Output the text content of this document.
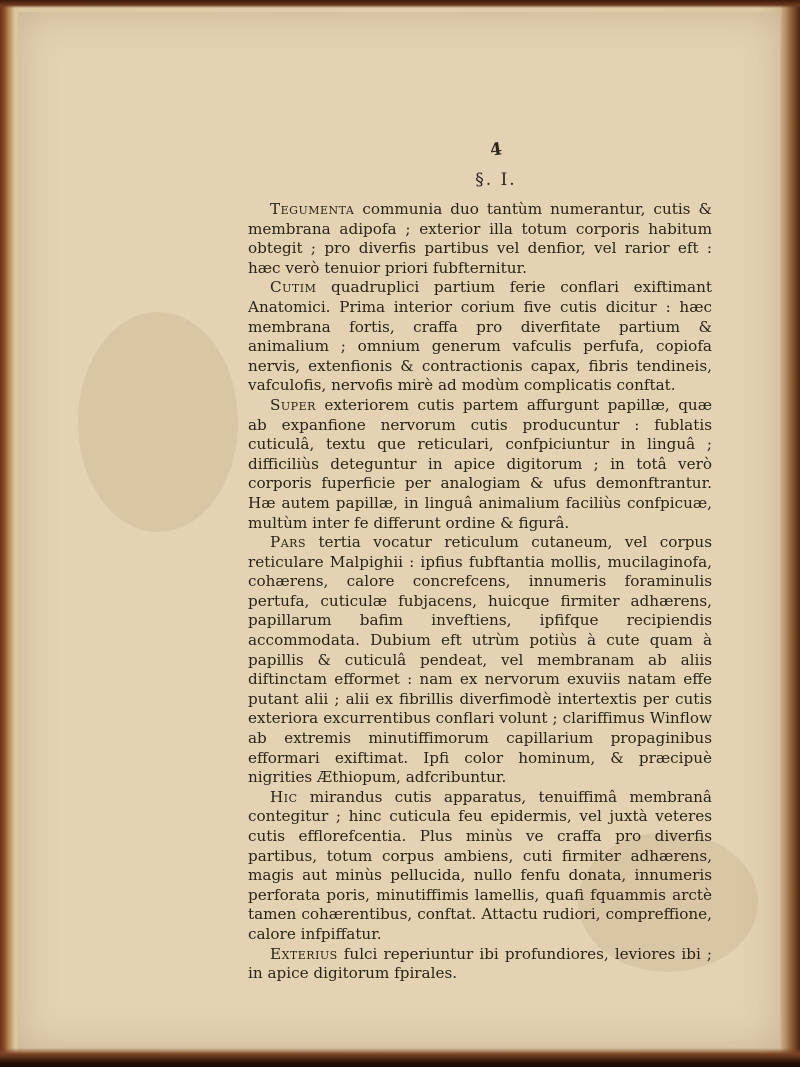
4
§. I.

Tegumenta communia duo tantùm numerantur, cutis & membrana adipofa ; exterior illa totum corporis habitum obtegit ; pro diverfis partibus vel denfior, vel rarior eft : hæc verò tenuior priori fubfternitur.

Cutim quadruplici partium ferie conflari exiftimant Anatomici. Prima interior corium five cutis dicitur : hæc membrana fortis, craffa pro diverfitate partium & animalium ; omnium generum vafculis perfufa, copiofa nervis, extenfionis & contractionis capax, fibris tendineis, vafculofis, nervofis mirè ad modùm complicatis conftat.

Super exteriorem cutis partem affurgunt papillæ, quæ ab expanfione nervorum cutis producuntur : fublatis cuticulâ, textu que reticulari, confpiciuntur in linguâ ; difficiliùs deteguntur in apice digitorum ; in totâ verò corporis fuperficie per analogiam & ufus demonftrantur. Hæ autem papillæ, in linguâ animalium faciliùs confpicuæ, multùm inter fe differunt ordine & figurâ.

Pars tertia vocatur reticulum cutaneum, vel corpus reticulare Malpighii : ipfius fubftantia mollis, mucilaginofa, cohærens, calore concrefcens, innumeris foraminulis pertufa, cuticulæ fubjacens, huicque firmiter adhærens, papillarum bafim inveftiens, ipfifque recipiendis accommodata. Dubium eft utrùm potiùs à cute quam à papillis & cuticulâ pendeat, vel membranam ab aliis diftinctam efformet : nam ex nervorum exuviis natam effe putant alii ; alii ex fibrillis diverfimodè intertextis per cutis exteriora excurrentibus conflari volunt ; clariffimus Winflow ab extremis minutiffimorum capillarium propaginibus efformari exiftimat. Ipfi color hominum, & præcipuè nigrities Æthiopum, adfcribuntur.

Hic mirandus cutis apparatus, tenuiffimâ membranâ contegitur ; hinc cuticula feu epidermis, vel juxtà veteres cutis efflorefcentia. Plus minùs ve craffa pro diverfis partibus, totum corpus ambiens, cuti firmiter adhærens, magis aut minùs pellucida, nullo fenfu donata, innumeris perforata poris, minutiffimis lamellis, quafi fquammis arctè tamen cohærentibus, conftat. Attactu rudiori, compreffione, calore infpiffatur.

Exterius fulci reperiuntur ibi profundiores, leviores ibi ; in apice digitorum fpirales.
